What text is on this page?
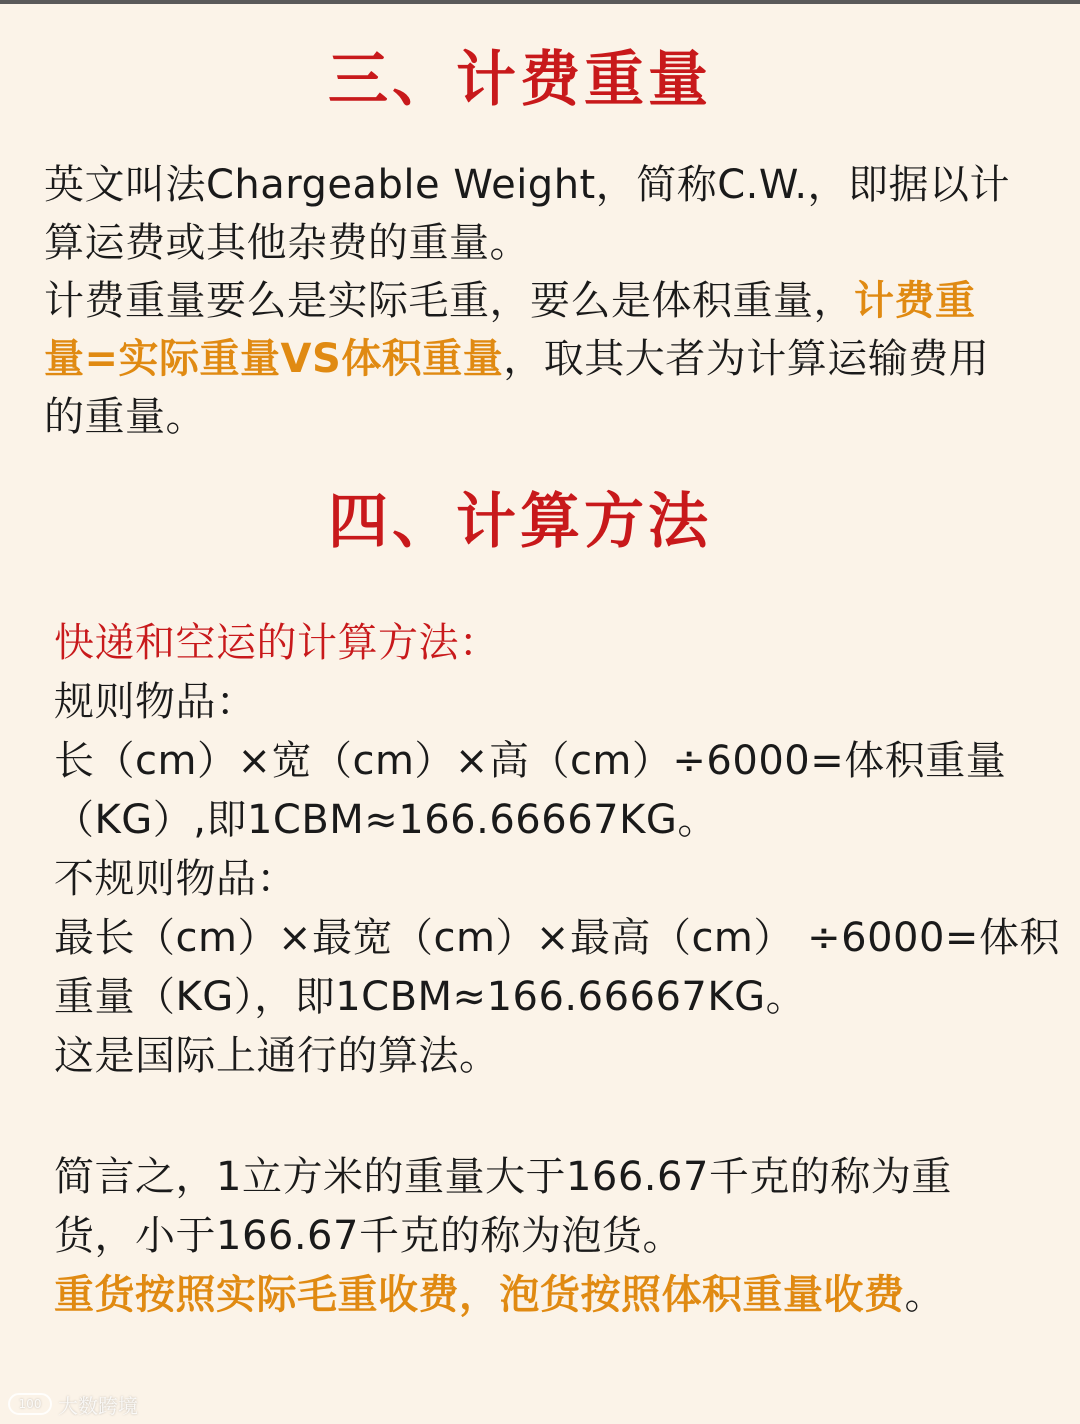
三、计费重量
英文叫法Chargeable Weight，简称C.W.，即据以计
算运费或其他杂费的重量。
计费重量要么是实际毛重，要么是体积重量，计费重
量=实际重量VS体积重量，取其大者为计算运输费用
的重量。
四、计算方法
快递和空运的计算方法：
规则物品：
长（cm）×宽（cm）×高（cm）÷6000=体积重量
（KG）,即1CBM≈166.66667KG。
不规则物品：
最长（cm）×最宽（cm）×最高（cm） ÷6000=体积
重量（KG），即1CBM≈166.66667KG。
这是国际上通行的算法。
简言之，1立方米的重量大于166.67千克的称为重
货，小于166.67千克的称为泡货。
重货按照实际毛重收费，泡货按照体积重量收费。
100 大数跨境
